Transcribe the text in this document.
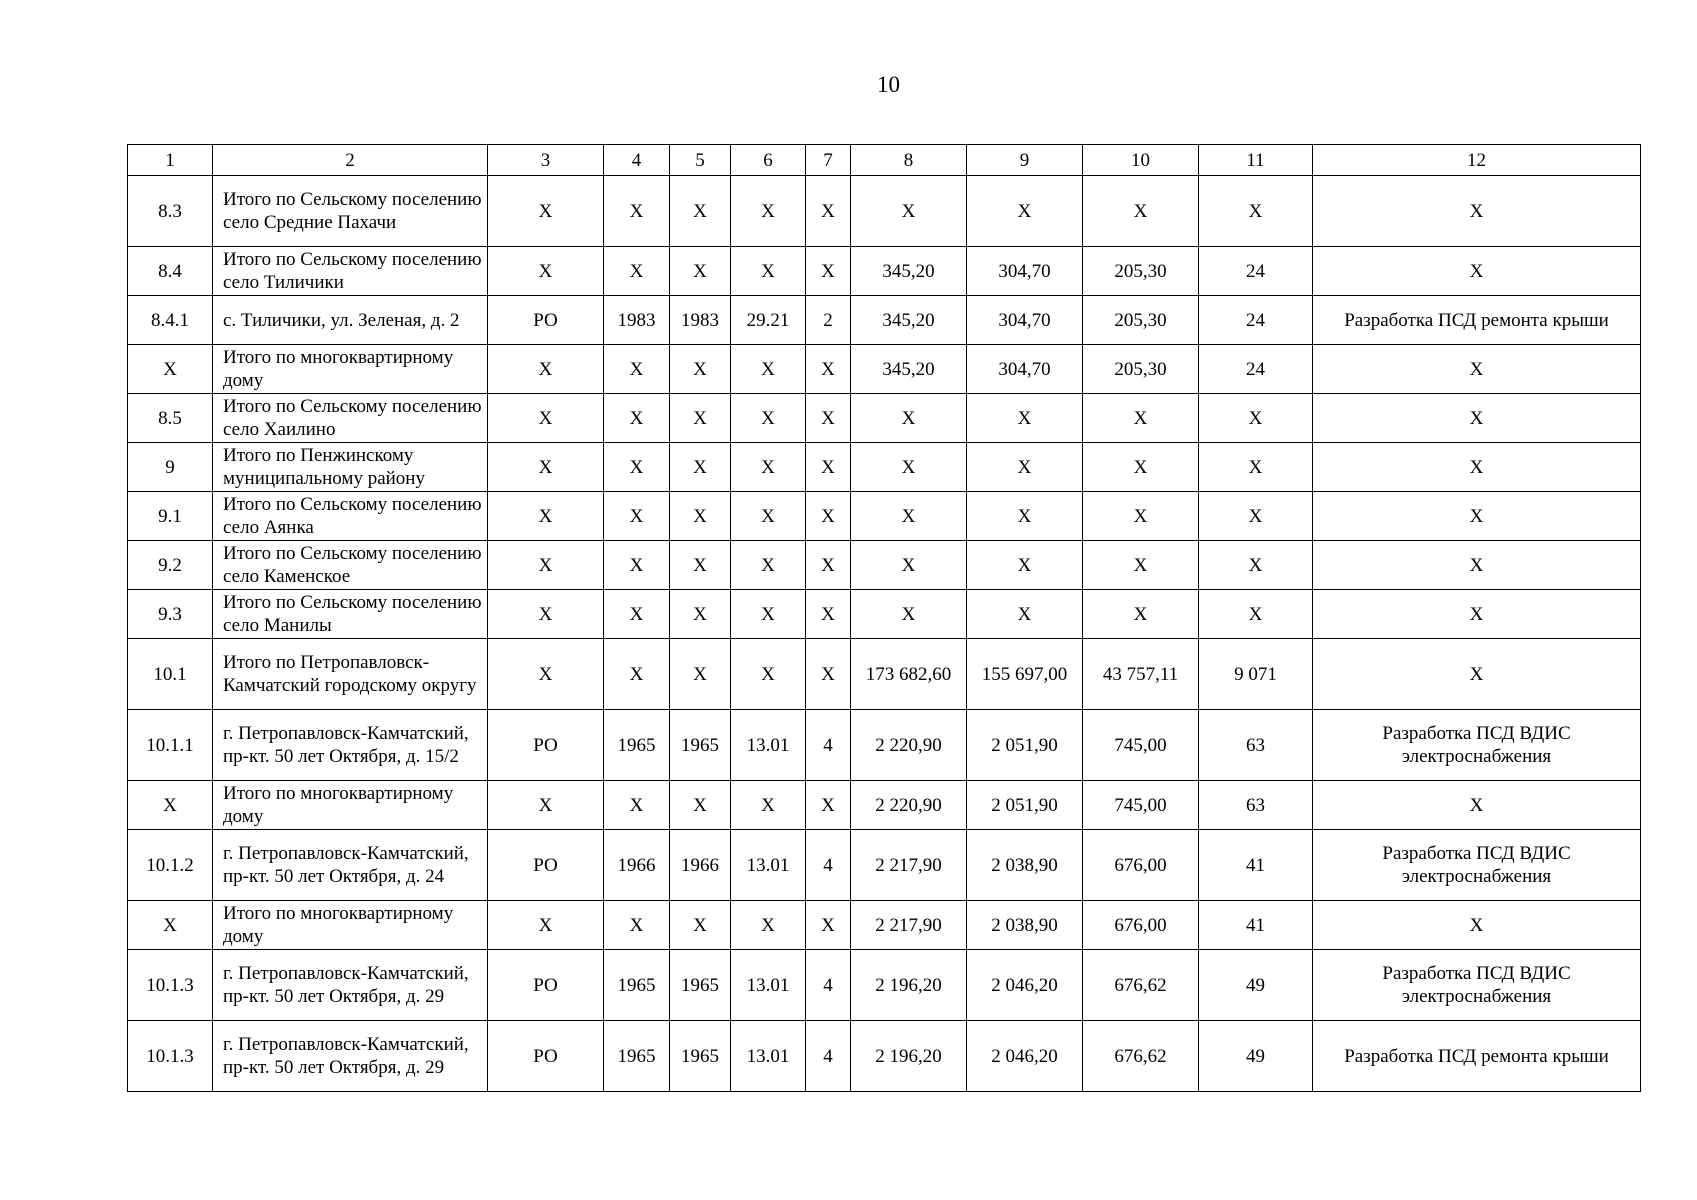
10
1	2	3	4	5	6	7	8	9	10	11	12
8.3	Итого по Сельскому поселению село Средние Пахачи	Х	Х	Х	Х	Х	Х	Х	Х	Х	Х
8.4	Итого по Сельскому поселению село Тиличики	Х	Х	Х	Х	Х	345,20	304,70	205,30	24	Х
8.4.1	с. Тиличики, ул. Зеленая, д. 2	РО	1983	1983	29.21	2	345,20	304,70	205,30	24	Разработка ПСД ремонта крыши
Х	Итого по многоквартирному дому	Х	Х	Х	Х	Х	345,20	304,70	205,30	24	Х
8.5	Итого по Сельскому поселению село Хаилино	Х	Х	Х	Х	Х	Х	Х	Х	Х	Х
9	Итого по Пенжинскому муниципальному району	Х	Х	Х	Х	Х	Х	Х	Х	Х	Х
9.1	Итого по Сельскому поселению село Аянка	Х	Х	Х	Х	Х	Х	Х	Х	Х	Х
9.2	Итого по Сельскому поселению село Каменское	Х	Х	Х	Х	Х	Х	Х	Х	Х	Х
9.3	Итого по Сельскому поселению село Манилы	Х	Х	Х	Х	Х	Х	Х	Х	Х	Х
10.1	Итого по Петропавловск-Камчатский городскому округу	Х	Х	Х	Х	Х	173 682,60	155 697,00	43 757,11	9 071	Х
10.1.1	г. Петропавловск-Камчатский, пр-кт. 50 лет Октября, д. 15/2	РО	1965	1965	13.01	4	2 220,90	2 051,90	745,00	63	Разработка ПСД ВДИС электроснабжения
Х	Итого по многоквартирному дому	Х	Х	Х	Х	Х	2 220,90	2 051,90	745,00	63	Х
10.1.2	г. Петропавловск-Камчатский, пр-кт. 50 лет Октября, д. 24	РО	1966	1966	13.01	4	2 217,90	2 038,90	676,00	41	Разработка ПСД ВДИС электроснабжения
Х	Итого по многоквартирному дому	Х	Х	Х	Х	Х	2 217,90	2 038,90	676,00	41	Х
10.1.3	г. Петропавловск-Камчатский, пр-кт. 50 лет Октября, д. 29	РО	1965	1965	13.01	4	2 196,20	2 046,20	676,62	49	Разработка ПСД ВДИС электроснабжения
10.1.3	г. Петропавловск-Камчатский, пр-кт. 50 лет Октября, д. 29	РО	1965	1965	13.01	4	2 196,20	2 046,20	676,62	49	Разработка ПСД ремонта крыши
